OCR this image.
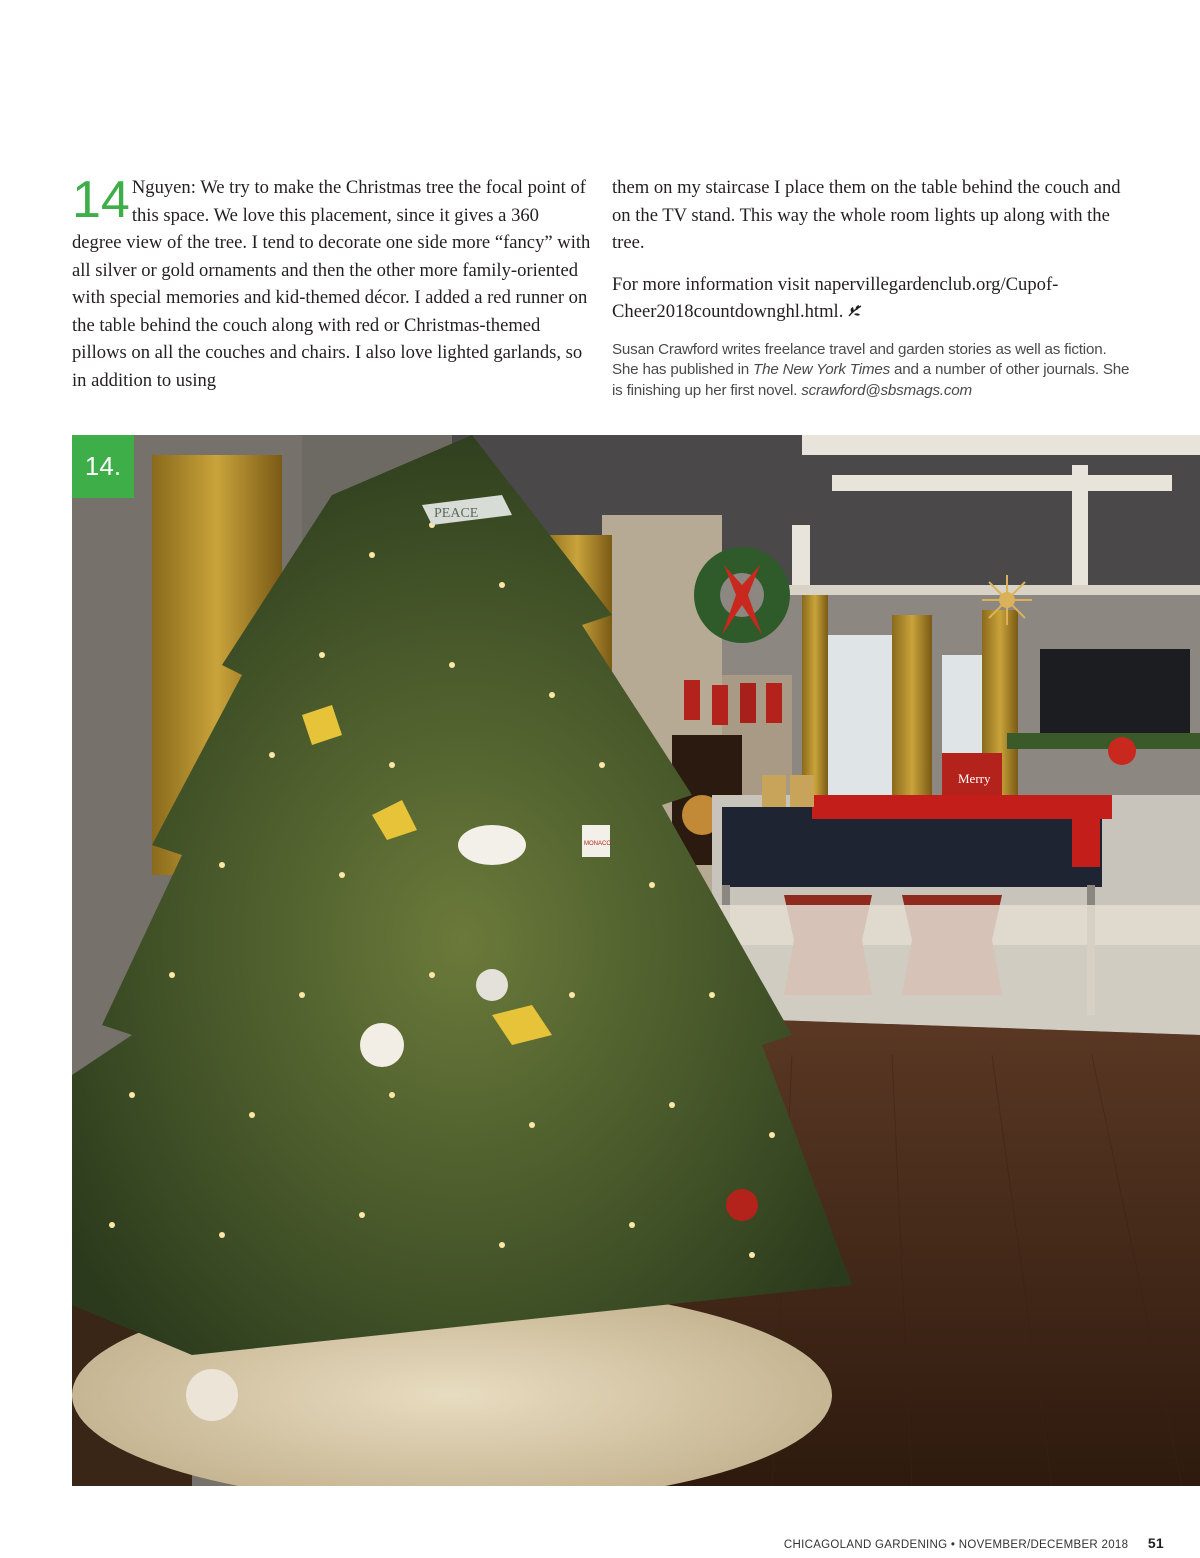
14 Nguyen: We try to make the Christmas tree the focal point of this space. We love this placement, since it gives a 360 degree view of the tree. I tend to decorate one side more “fancy” with all silver or gold ornaments and then the other more family-oriented with special memories and kid-themed décor. I added a red runner on the table behind the couch along with red or Christmas-themed pillows on all the couches and chairs. I also love lighted garlands, so in addition to using

them on my staircase I place them on the table behind the couch and on the TV stand. This way the whole room lights up along with the tree.

For more information visit napervillegardenclub.org/Cupof-Cheer2018countdownghl.html.

Susan Crawford writes freelance travel and garden stories as well as fiction. She has published in The New York Times and a number of other journals. She is finishing up her first novel. scrawford@sbsmags.com

Merry
MONACO
PEACE
14.
CHICAGOLAND GARDENING • NOVEMBER/DECEMBER 2018 51
